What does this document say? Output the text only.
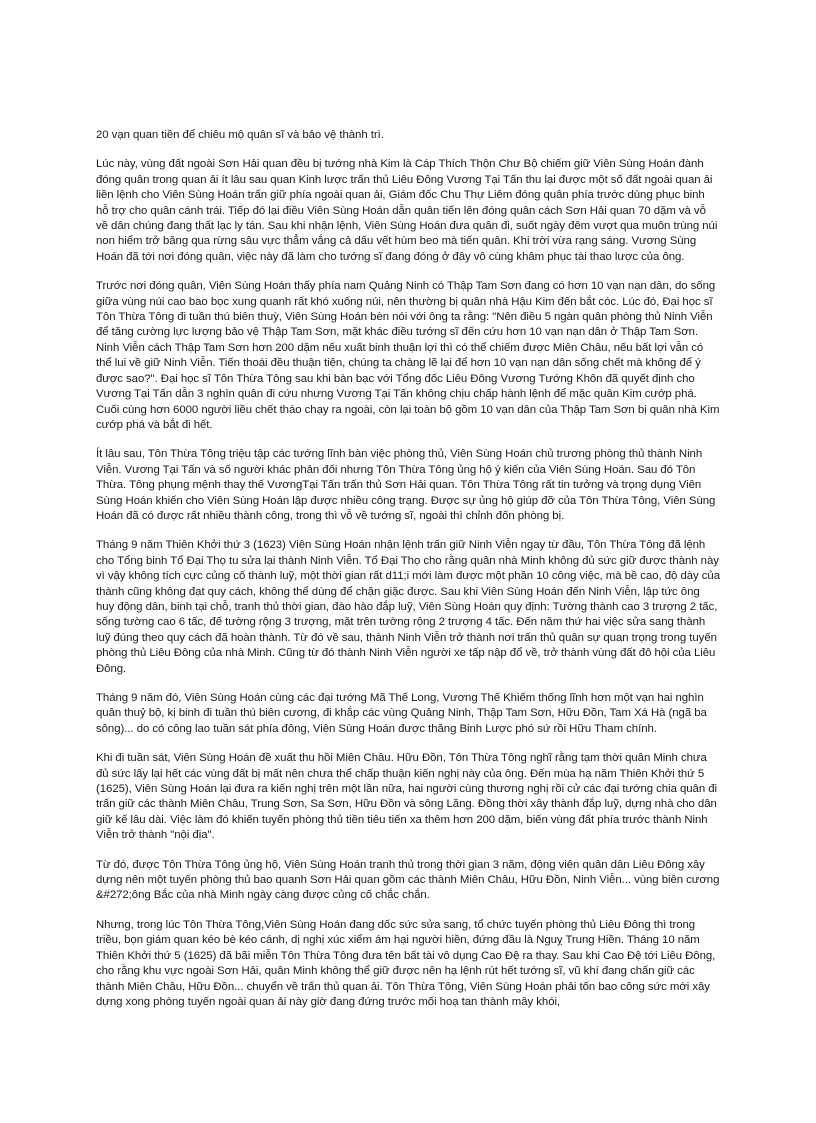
20 vạn quan tiền để chiêu mộ quân sĩ và bảo vệ thành trì.

Lúc này, vùng đất ngoài Sơn Hải quan đều bị tướng nhà Kim là Cáp Thích Thộn Chư Bộ chiếm giữ Viên Sùng Hoán đành đóng quân trong quan ải ít lâu sau quan Kinh lược trấn thủ Liêu Đông Vương Tại Tấn thu lại được một số đất ngoài quan ải liền lệnh cho Viên Sùng Hoán trấn giữ phía ngoài quan ải, Giám đốc Chu Thự Liêm đóng quân phía trước dùng phục binh hỗ trợ cho quân cánh trái. Tiếp đó lại điều Viên Sùng Hoán dẫn quân tiến lên đóng quân cách Sơn Hải quan 70 dặm và vỗ về dân chúng đang thất lạc ly tán. Sau khi nhận lệnh, Viên Sùng Hoán đưa quân đi, suốt ngày đêm vượt qua muôn trùng núi non hiểm trở băng qua rừng sâu vực thẳm vắng cả dấu vết hùm beo mà tiến quân. Khi trời vừa rạng sáng. Vương Sùng Hoán đã tới nơi đóng quân, việc này đã làm cho tướng sĩ đang đóng ở đây vô cùng khâm phục tài thao lược của ông.

Trước nơi đóng quân, Viên Sùng Hoán thấy phía nam Quảng Ninh có Thập Tam Sơn đang có hơn 10 vạn nạn dân, do sống giữa vùng núi cao bao bọc xung quanh rất khó xuống núi, nên thường bị quân nhà Hậu Kim đến bắt cóc. Lúc đó, Đại học sĩ Tôn Thừa Tông đi tuần thú biên thuỳ, Viên Sùng Hoán bèn nói với ông ta rằng: "Nên điều 5 ngàn quân phòng thủ Ninh Viễn để tăng cường lực lượng bảo vệ Thập Tam Sơn, mặt khác điều tướng sĩ đến cứu hơn 10 vạn nạn dân ở Thập Tam Sơn. Ninh Viễn cách Thập Tam Sơn hơn 200 dặm nếu xuất binh thuận lợi thì có thể chiếm được Miên Châu, nếu bất lợi vẫn có thể lui về giữ Ninh Viễn. Tiến thoái đều thuận tiện, chúng ta chàng lẽ lại để hơn 10 vạn nạn dân sống chết mà không để ý được sao?". Đại học sĩ Tôn Thừa Tông sau khi bàn bạc với Tổng đốc Liêu Đông Vương Tướng Khôn đã quyết định cho Vương Tại Tấn dẫn 3 nghìn quân đi cứu nhưng Vương Tại Tấn không chịu chấp hành lệnh để mặc quân Kim cướp phá. Cuối cùng hơn 6000 người liều chết tháo chạy ra ngoài, còn lại toàn bộ gồm 10 vạn dân của Thập Tam Sơn bị quân nhà Kim cướp phá và bắt đi hết.

Ít lâu sau, Tôn Thừa Tông triệu tập các tướng lĩnh bàn việc phòng thủ, Viên Sùng Hoán chủ trương phòng thủ thành Ninh Viễn. Vương Tại Tấn và số người khác phản đối nhưng Tôn Thừa Tông ủng hộ ý kiến của Viên Sùng Hoán. Sau đó Tôn Thừa. Tông phụng mệnh thay thế VươngTại Tấn trấn thủ Sơn Hải quan. Tôn Thừa Tông rất tin tưởng và trọng dụng Viên Sùng Hoán khiến cho Viên Sùng Hoán lập được nhiều công trạng. Được sự ủng hộ giúp đỡ của Tôn Thừa Tông, Viên Sùng Hoán đã có được rất nhiều thành công, trong thì vỗ về tướng sĩ, ngoài thì chỉnh đốn phòng bị.

Tháng 9 năm Thiên Khởi thứ 3 (1623) Viên Sùng Hoán nhận lệnh trấn giữ Ninh Viễn ngay từ đầu, Tôn Thừa Tông đã lệnh cho Tổng binh Tổ Đại Thọ tu sửa lại thành Ninh Viễn. Tổ Đại Thọ cho rằng quân nhà Minh không đủ sức giữ được thành này vì vậy không tích cực củng cố thành luỹ, một thời gian rất d11;i mới làm được một phần 10 công việc, mà bề cao, độ dày của thành cũng không đạt quy cách, không thể dùng để chặn giặc được. Sau khi Viên Sùng Hoán đến Ninh Viễn, lập tức ông huy động dân, binh tại chỗ, tranh thủ thời gian, đào hào đắp luỹ, Viên Sùng Hoán quy định: Tường thành cao 3 trượng 2 tấc, sống tường cao 6 tấc, đế tường rộng 3 trượng, mặt trên tường rộng 2 trượng 4 tấc. Đến năm thứ hai việc sửa sang thành luỹ đúng theo quy cách đã hoàn thành. Từ đó về sau, thành Ninh Viễn trở thành nơi trấn thủ quân sự quan trọng trong tuyến phòng thủ Liêu Đông của nhà Minh. Cũng từ đó thành Ninh Viễn người xe tấp nập đổ về, trở thành vùng đất đô hội của Liêu Đông.

Tháng 9 năm đó, Viên Sùng Hoán cùng các đại tướng Mã Thế Long, Vương Thế Khiếm thống lĩnh hơn một vạn hai nghìn quân thuỷ bộ, kị binh đi tuần thú biên cương, đi khắp các vùng Quảng Ninh, Thập Tam Sơn, Hữu Đồn, Tam Xá Hà (ngã ba sông)... do có công lao tuần sát phía đông, Viên Sùng Hoán được thăng Binh Lược phó sứ rồi Hữu Tham chính.

Khi đi tuần sát, Viên Sùng Hoán đề xuất thu hồi Miên Châu. Hữu Đồn, Tôn Thừa Tông nghĩ rằng tạm thời quân Minh chưa đủ sức lấy lại hết các vùng đất bị mất nên chưa thể chấp thuận kiến nghị này của ông. Đến mùa hạ năm Thiên Khởi thứ 5 (1625), Viên Sùng Hoán lại đưa ra kiến nghị trên một lần nữa, hai người cùng thương nghị rồi cử các đại tướng chia quân đi trấn giữ các thành Miên Châu, Trung Sơn, Sa Sơn, Hữu Đồn và sông Lăng. Đồng thời xây thành đắp luỹ, dựng nhà cho dân giữ kế lâu dài. Việc làm đó khiến tuyến phòng thủ tiền tiêu tiến xa thêm hơn 200 dặm, biến vùng đất phía trước thành Ninh Viễn trở thành "nội địa".

Từ đó, được Tôn Thừa Tông ủng hộ, Viên Sùng Hoán tranh thủ trong thời gian 3 năm, động viên quân dân Liêu Đông xây dựng nên một tuyến phòng thủ bao quanh Sơn Hải quan gồm các thành Miên Châu, Hữu Đồn, Ninh Viễn... vùng biên cương &#272;ông Bắc của nhà Minh ngày càng được củng cố chắc chắn.

Nhưng, trong lúc Tôn Thừa Tông,Viên Sùng Hoán đang dốc sức sửa sang, tổ chức tuyến phòng thủ Liêu Đông thì trong triều, bọn giám quan kéo bè kéo cánh, dị nghị xúc xiểm ám hại người hiền, đứng đầu là Nguỵ Trung Hiền. Tháng 10 năm Thiên Khởi thứ 5 (1625) đã bãi miễn Tôn Thừa Tông đưa tên bất tài vô dụng Cao Đệ ra thay. Sau khi Cao Đệ tới Liêu Đông, cho rằng khu vực ngoài Sơn Hải, quân Minh không thể giữ được nên hạ lệnh rút hết tướng sĩ, vũ khí đang chấn giữ các thành Miên Châu, Hữu Đồn... chuyển về trấn thủ quan ải. Tôn Thừa Tông, Viên Sùng Hoán phải tốn bao công sức mới xây dựng xong phòng tuyến ngoài quan ải này giờ đang đứng trước mối hoạ tan thành mây khói,
